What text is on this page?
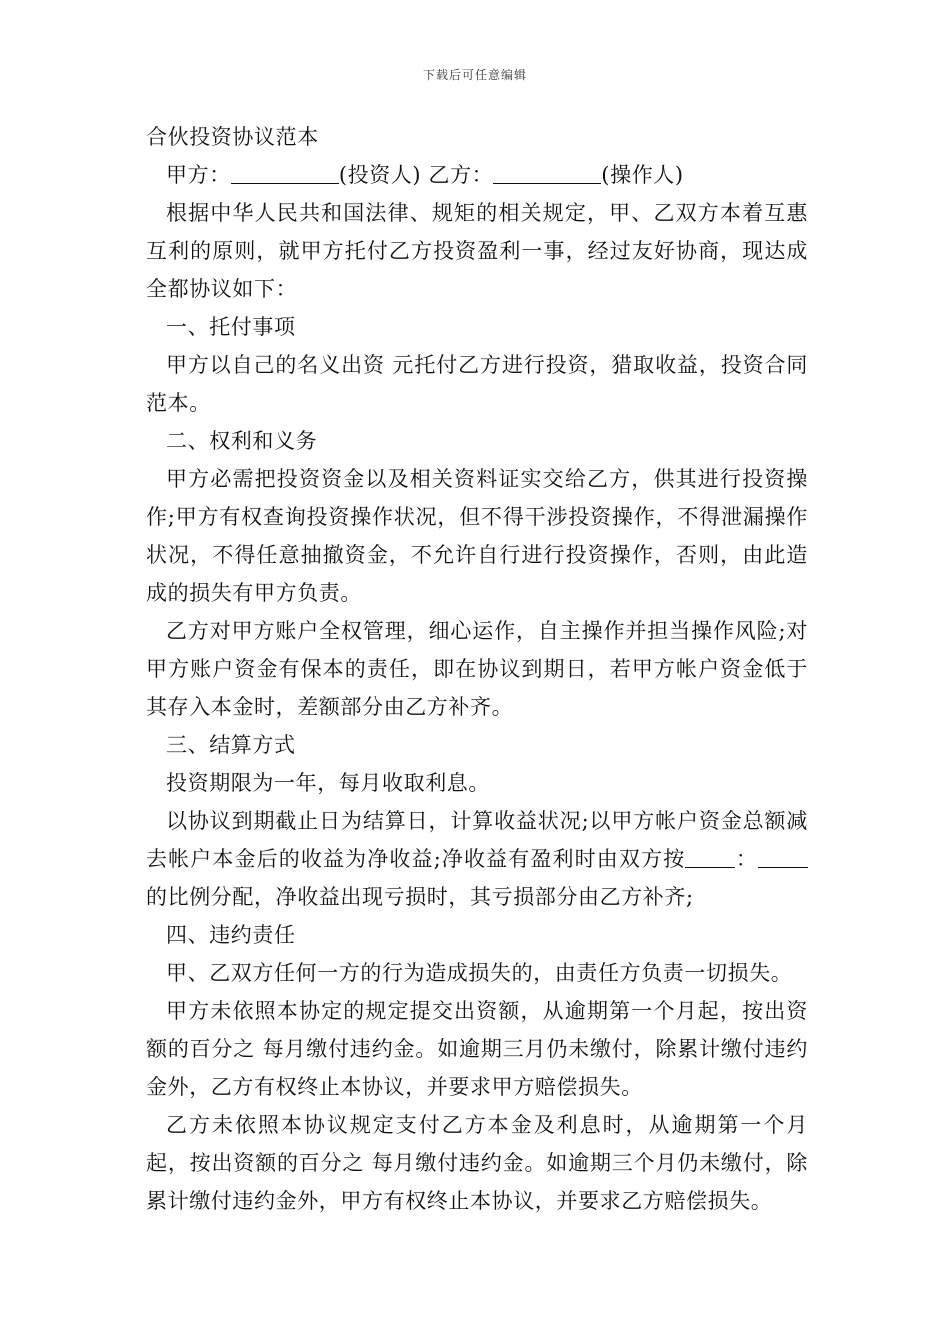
下载后可任意编辑

合伙投资协议范本

甲方：	(投资人) 乙方：	(操作人)

根据中华人民共和国法律、规矩的相关规定，甲、乙双方本着互惠互利的原则，就甲方托付乙方投资盈利一事，经过友好协商，现达成全都协议如下：

一、托付事项

甲方以自己的名义出资 元托付乙方进行投资，猎取收益，投资合同范本。

二、权利和义务

甲方必需把投资资金以及相关资料证实交给乙方，供其进行投资操作;甲方有权查询投资操作状况，但不得干涉投资操作，不得泄漏操作状况，不得任意抽撤资金，不允许自行进行投资操作，否则，由此造成的损失有甲方负责。

乙方对甲方账户全权管理，细心运作，自主操作并担当操作风险;对甲方账户资金有保本的责任，即在协议到期日，若甲方帐户资金低于其存入本金时，差额部分由乙方补齐。

三、结算方式

投资期限为一年，每月收取利息。

以协议到期截止日为结算日，计算收益状况;以甲方帐户资金总额减去帐户本金后的收益为净收益;净收益有盈利时由双方按 ：的比例分配，净收益出现亏损时，其亏损部分由乙方补齐;

四、违约责任

甲、乙双方任何一方的行为造成损失的，由责任方负责一切损失。

甲方未依照本协定的规定提交出资额，从逾期第一个月起，按出资额的百分之 每月缴付违约金。如逾期三月仍未缴付，除累计缴付违约金外，乙方有权终止本协议，并要求甲方赔偿损失。

乙方未依照本协议规定支付乙方本金及利息时，从逾期第一个月起，按出资额的百分之 每月缴付违约金。如逾期三个月仍未缴付，除累计缴付违约金外，甲方有权终止本协议，并要求乙方赔偿损失。
